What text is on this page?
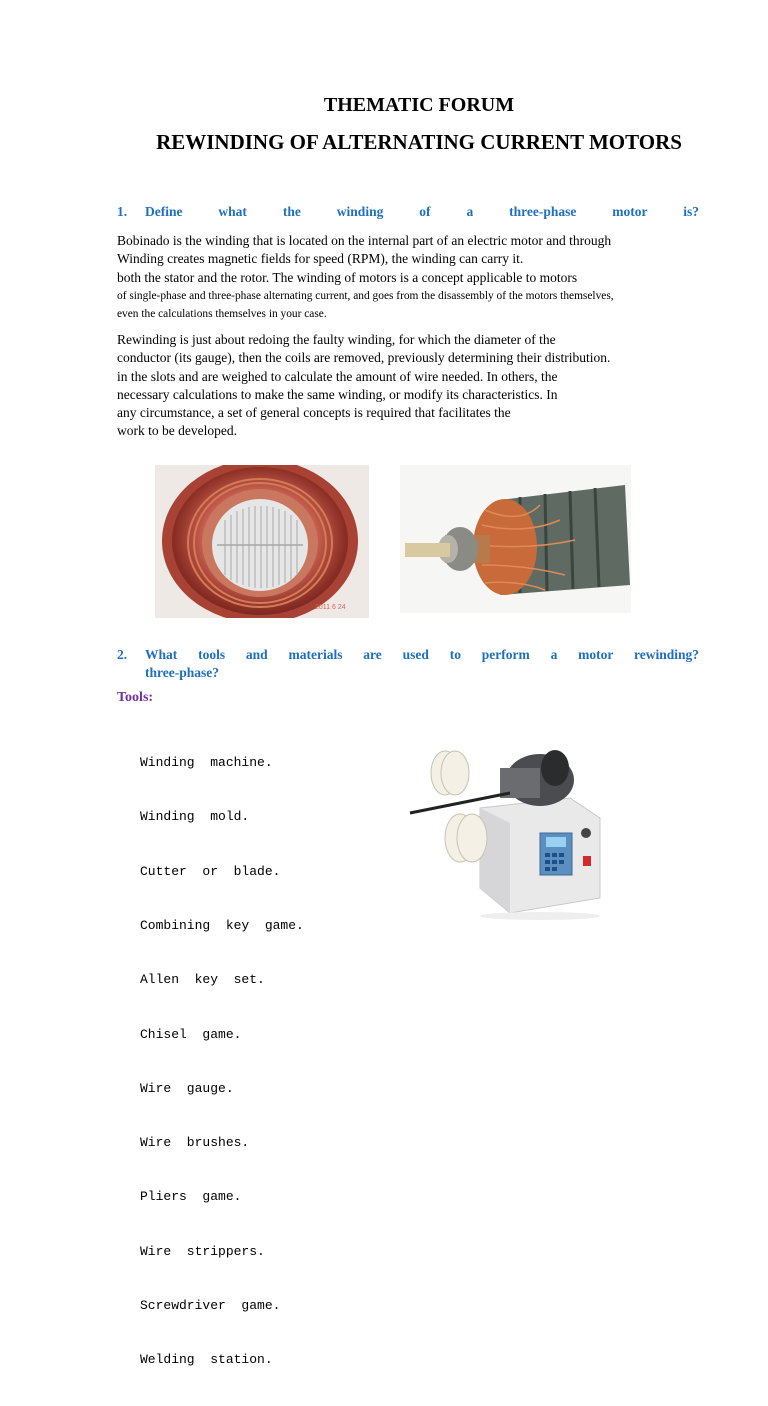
THEMATIC FORUM
REWINDING OF ALTERNATING CURRENT MOTORS
1. Define what the winding of a three-phase motor is?
Bobinado is the winding that is located on the internal part of an electric motor and through
Winding creates magnetic fields for speed (RPM), the winding can carry it.
both the stator and the rotor. The winding of motors is a concept applicable to motors
of single-phase and three-phase alternating current, and goes from the disassembly of the motors themselves,
even the calculations themselves in your case.
Rewinding is just about redoing the faulty winding, for which the diameter of the
conductor (its gauge), then the coils are removed, previously determining their distribution.
in the slots and are weighed to calculate the amount of wire needed. In others, the
necessary calculations to make the same winding, or modify its characteristics. In
any circumstance, a set of general concepts is required that facilitates the
work to be developed.
2011 6 24
2. What tools and materials are used to perform a motor rewinding?
three-phase?
Tools:

Winding  machine.

Winding  mold.

Cutter  or  blade.

Combining  key  game.

Allen  key  set.

Chisel  game.

Wire  gauge.

Wire  brushes.

Pliers  game.

Wire  strippers.

Screwdriver  game.

Welding  station.
